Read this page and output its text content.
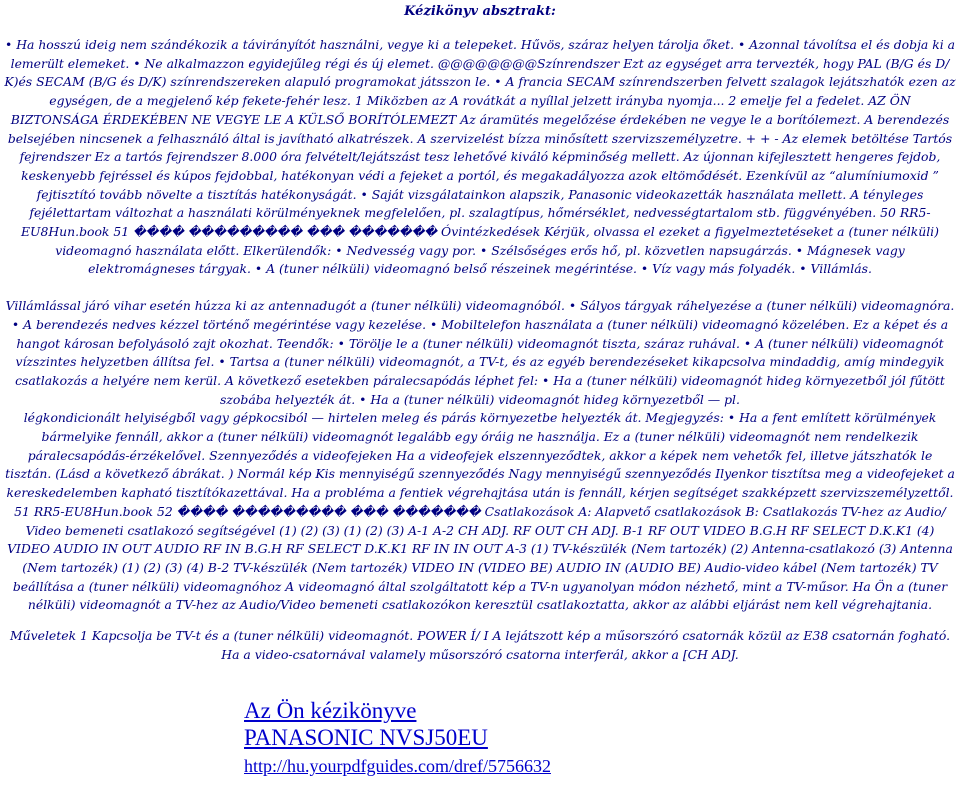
Kézikönyv absztrakt:

• Ha hosszú ideig nem szándékozik a távirányítót használni, vegye ki a telepeket. Hűvös, száraz helyen tárolja őket. • Azonnal távolítsa el és dobja ki a lemerült elemeket. • Ne alkalmazzon egyidejűleg régi és új elemet. @@@@@@@@Színrendszer Ezt az egységet arra tervezték, hogy PAL (B/G és D/ K)és SECAM (B/G és D/K) színrendszereken alapuló programokat játsszon le. • A francia SECAM színrendszerben felvett szalagok lejátszhatók ezen az egységen, de a megjelenő kép fekete-fehér lesz. 1 Miközben az A rovátkát a nyíllal jelzett irányba nyomja... 2 emelje fel a fedelet. AZ ÖN BIZTONSÁGA ÉRDEKÉBEN NE VEGYE LE A KÜLSŐ BORÍTÓLEMEZT Az áramütés megelőzése érdekében ne vegye le a borítólemezt. A berendezés belsejében nincsenek a felhasználó által is javítható alkatrészek. A szervizelést bízza minősített szervizszemélyzetre. + + - Az elemek betöltése Tartós fejrendszer Ez a tartós fejrendszer 8.000 óra felvételt/lejátszást tesz lehetővé kiváló képminőség mellett. Az újonnan kifejlesztett hengeres fejdob, keskenyebb fejréssel és kúpos fejdobbal, hatékonyan védi a fejeket a portól, és megakadályozza azok eltömődését. Ezenkívül az “alumíniumoxid ” fejtisztító tovább növelte a tisztítás hatékonyságát. • Saját vizsgálatainkon alapszik, Panasonic videokazetták használata mellett. A tényleges fejélettartam változhat a használati körülményeknek megfelelően, pl. szalagtípus, hőmérséklet, nedvességtartalom stb. függvényében. 50 RR5-EU8Hun.book 51 ���� ��������� ��� ������� Óvintézkedések Kérjük, olvassa el ezeket a figyelmeztetéseket a (tuner nélküli) videomagnó használata előtt. Elkerülendők: • Nedvesség vagy por. • Szélsőséges erős hő, pl. közvetlen napsugárzás. • Mágnesek vagy elektromágneses tárgyak. • A (tuner nélküli) videomagnó belső részeinek megérintése. • Víz vagy más folyadék. • Villámlás.

Villámlással járó vihar esetén húzza ki az antennadugót a (tuner nélküli) videomagnóból. • Sályos tárgyak ráhelyezése a (tuner nélküli) videomagnóra. • A berendezés nedves kézzel történő megérintése vagy kezelése. • Mobiltelefon használata a (tuner nélküli) videomagnó közelében. Ez a képet és a hangot károsan befolyásoló zajt okozhat. Teendők: • Törölje le a (tuner nélküli) videomagnót tiszta, száraz ruhával. • A (tuner nélküli) videomagnót vízszintes helyzetben állítsa fel. • Tartsa a (tuner nélküli) videomagnót, a TV-t, és az egyéb berendezéseket kikapcsolva mindaddig, amíg mindegyik csatlakozás a helyére nem kerül. A következő esetekben páralecsapódás léphet fel: • Ha a (tuner nélküli) videomagnót hideg környezetből jól fűtött szobába helyezték át. • Ha a (tuner nélküli) videomagnót hideg környezetből — pl.

légkondicionált helyiségből vagy gépkocsiból — hirtelen meleg és párás környezetbe helyezték át. Megjegyzés: • Ha a fent említett körülmények bármelyike fennáll, akkor a (tuner nélküli) videomagnót legalább egy óráig ne használja. Ez a (tuner nélküli) videomagnót nem rendelkezik páralecsapódás-érzékelővel. Szennyeződés a videofejeken Ha a videofejek elszennyeződtek, akkor a képek nem vehetők fel, illetve játszhatók le tisztán. (Lásd a következő ábrákat. ) Normál kép Kis mennyiségű szennyeződés Nagy mennyiségű szennyeződés Ilyenkor tisztítsa meg a videofejeket a kereskedelemben kapható tisztítókazettával. Ha a probléma a fentiek végrehajtása után is fennáll, kérjen segítséget szakképzett szervizszemélyzettől. 51 RR5-EU8Hun.book 52 ���� ��������� ��� ������� Csatlakozások A: Alapvető csatlakozások B: Csatlakozás TV-hez az Audio/ Video bemeneti csatlakozó segítségével (1) (2) (3) (1) (2) (3) A-1 A-2 CH ADJ. RF OUT CH ADJ. B-1 RF OUT VIDEO B.G.H RF SELECT D.K.K1 (4) VIDEO AUDIO IN OUT AUDIO RF IN B.G.H RF SELECT D.K.K1 RF IN IN OUT A-3 (1) TV-készülék (Nem tartozék) (2) Antenna-csatlakozó (3) Antenna (Nem tartozék) (1) (2) (3) (4) B-2 TV-készülék (Nem tartozék) VIDEO IN (VIDEO BE) AUDIO IN (AUDIO BE) Audio-video kábel (Nem tartozék) TV beállítása a (tuner nélküli) videomagnóhoz A videomagnó által szolgáltatott kép a TV-n ugyanolyan módon nézhető, mint a TV-műsor. Ha Ön a (tuner nélküli) videomagnót a TV-hez az Audio/Video bemeneti csatlakozókon keresztül csatlakoztatta, akkor az alábbi eljárást nem kell végrehajtania.

Műveletek 1 Kapcsolja be TV-t és a (tuner nélküli) videomagnót. POWER Í/ I A lejátszott kép a műsorszóró csatornák közül az E38 csatornán fogható. Ha a video-csatornával valamely műsorszóró csatorna interferál, akkor a [CH ADJ.

Az Ön kézikönyve
PANASONIC NVSJ50EU
http://hu.yourpdfguides.com/dref/5756632
